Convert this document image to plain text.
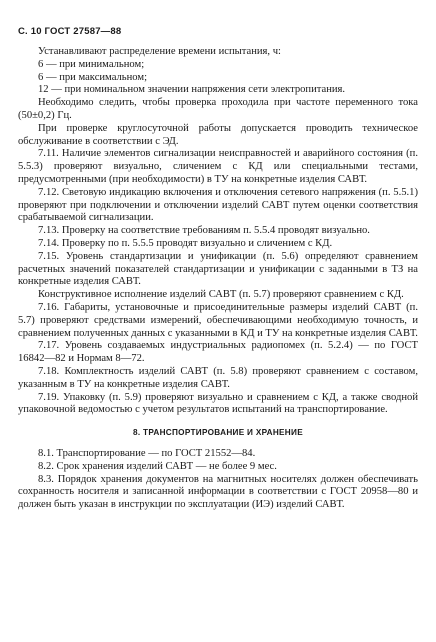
С. 10 ГОСТ 27587—88

Устанавливают распределение времени испытания, ч:

6 — при минимальном;

6 — при максимальном;

12 — при номинальном значении напряжения сети электропитания.

Необходимо следить, чтобы проверка проходила при частоте переменного тока (50±0,2) Гц.

При проверке круглосуточной работы допускается проводить техническое обслуживание в соответствии с ЭД.

7.11. Наличие элементов сигнализации неисправностей и аварийного состояния (п. 5.5.3) проверяют визуально, сличением с КД или специальными тестами, предусмотренными (при необходимости) в ТУ на конкретные изделия САВТ.

7.12. Световую индикацию включения и отключения сетевого напряжения (п. 5.5.1) проверяют при подключении и отключении изделий САВТ путем оценки соответствия срабатываемой сигнализации.

7.13. Проверку на соответствие требованиям п. 5.5.4 проводят визуально.

7.14. Проверку по п. 5.5.5 проводят визуально и сличением с КД.

7.15. Уровень стандартизации и унификации (п. 5.6) определяют сравнением расчетных значений показателей стандартизации и унификации с заданными в ТЗ на конкретные изделия САВТ.

Конструктивное исполнение изделий САВТ (п. 5.7) проверяют сравнением с КД.

7.16. Габариты, установочные и присоединительные размеры изделий САВТ (п. 5.7) проверяют средствами измерений, обеспечивающими необходимую точность, и сравнением полученных данных с указанными в КД и ТУ на конкретные изделия САВТ.

7.17. Уровень создаваемых индустриальных радиопомех (п. 5.2.4) — по ГОСТ 16842—82 и Нормам 8—72.

7.18. Комплектность изделий САВТ (п. 5.8) проверяют сравнением с составом, указанным в ТУ на конкретные изделия САВТ.

7.19. Упаковку (п. 5.9) проверяют визуально и сравнением с КД, а также сводной упаковочной ведомостью с учетом результатов испытаний на транспортирование.

8. ТРАНСПОРТИРОВАНИЕ И ХРАНЕНИЕ

8.1. Транспортирование — по ГОСТ 21552—84.

8.2. Срок хранения изделий САВТ — не более 9 мес.

8.3. Порядок хранения документов на магнитных носителях должен обеспечивать сохранность носителя и записанной информации в соответствии с ГОСТ 20958—80 и должен быть указан в инструкции по эксплуатации (ИЭ) изделий САВТ.
